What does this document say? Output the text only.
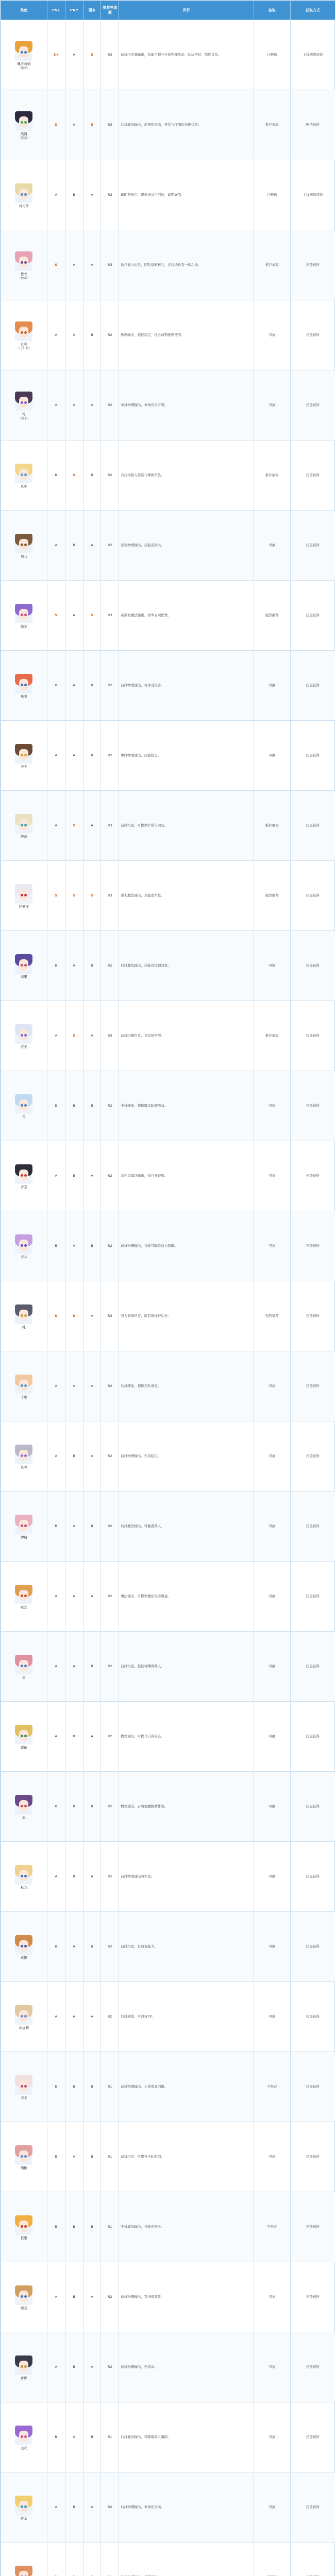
角色	PVE	PVP	团本	推荐养成度	评价	抽取	获取方式

佩可莉姆
（佩可）	S+	A	S	R3	前排坦克兼输出，技能可提升全体物理攻击，队伍常驻，练度优先。	已赠送	主线剧情获得

凯露
（猫剑）	S	A	S	R3	后排魔法输出，范围伤害高，开荒与推图均表现优秀。	推荐抽取	剧情获得

可可萝	A	B	A	R3	辅助型角色，提供增益与回复，前期好用。	已赠送	主线剧情获得

优衣
（种田）	S	A	A	R3	治疗能力出色，团队续航核心，竞技场也有一席之地。	推荐抽取	扭蛋获得

日和
（日和莉）	A	A	B	R2	物理输出，技能稳定，适合前期推图使用。	可抽	扭蛋获得

怜
（剑圣）	A	A	A	R2	中排物理输出，单体伤害可观。	可抽	扭蛋获得

真步	B	S	B	R2	竞技场强力控制与辅助角色。	推荐抽取	扭蛋获得

璃乃	A	B	A	R2	远程物理输出，技能范围大。	可抽	扭蛋获得

镜华	S	A	S	R3	高爆发魔法输出，团本表现优秀。	强烈推荐	扭蛋获得

珠希	B	A	B	R2	前排物理输出，可承受伤害。	可抽	扭蛋获得

美冬	A	A	B	R2	中排物理输出，技能稳定。	可抽	扭蛋获得

静流	A	S	A	R3	前排坦克，可提供护盾与回复。	推荐抽取	扭蛋获得

伊莉亚	S	S	S	R3	强力魔法输出，全能型角色。	强烈推荐	扭蛋获得

茜里	B	A	B	R2	后排魔法输出，技能有控制效果。	可抽	扭蛋获得

宫子	A	S	A	R3	前排闪避坦克，竞技场常用。	推荐抽取	扭蛋获得

雪	B	B	B	R2	中排辅助，提供魔法防御增益。	可抽	扭蛋获得

杏奈	A	B	A	R2	高伤害魔法输出，但自身较脆。	可抽	扭蛋获得

雪菲	B	A	B	R2	前排物理输出，技能可降低敌人防御。	可抽	扭蛋获得

纯	S	S	A	R3	强力前排坦克，能有效保护队友。	强烈推荐	扭蛋获得

千歌	A	A	A	R2	后排辅助，提供全队增益。	可抽	扭蛋获得

真琴	A	B	A	R2	前排物理输出，伤害稳定。	可抽	扭蛋获得

伊绪	B	A	B	R2	后排魔法输出，可魅惑敌人。	可抽	扭蛋获得

咲恋	A	A	A	R2	魔法输出，可提供魔法攻击增益。	可抽	扭蛋获得

望	A	A	B	R2	前排坦克，技能可嘲讽敌人。	可抽	扭蛋获得

妮侬	A	B	A	R2	物理输出，可提升自身攻击。	可抽	扭蛋获得

忍	B	B	B	R2	物理输出，召唤使魔协助作战。	可抽	扭蛋获得

秋乃	A	B	A	R2	前排物理输出兼坦克。	可抽	扭蛋获得

真阳	B	A	B	R2	前排坦克，有回复能力。	可抽	扭蛋获得

由加莉	A	A	A	R2	后排辅助，可回复TP。	可抽	扭蛋获得

美美	B	B	B	R1	前排物理输出，小体型高闪避。	不推荐	扭蛋获得

胡桃	B	A	B	R1	前排坦克，可提升全队防御。	可抽	扭蛋获得

依里	B	B	B	R1	中排魔法输出，技能范围小。	不推荐	扭蛋获得

绫音	A	B	A	R2	前排物理输出，有击退效果。	可抽	扭蛋获得

香织	A	B	A	R2	前排物理输出，伤害高。	可抽	扭蛋获得

美咲	B	A	B	R1	后排魔法输出，可降低敌人魔防。	可抽	扭蛋获得

铃奈	A	B	A	R2	后排物理输出，单体伤害高。	可抽	扭蛋获得
